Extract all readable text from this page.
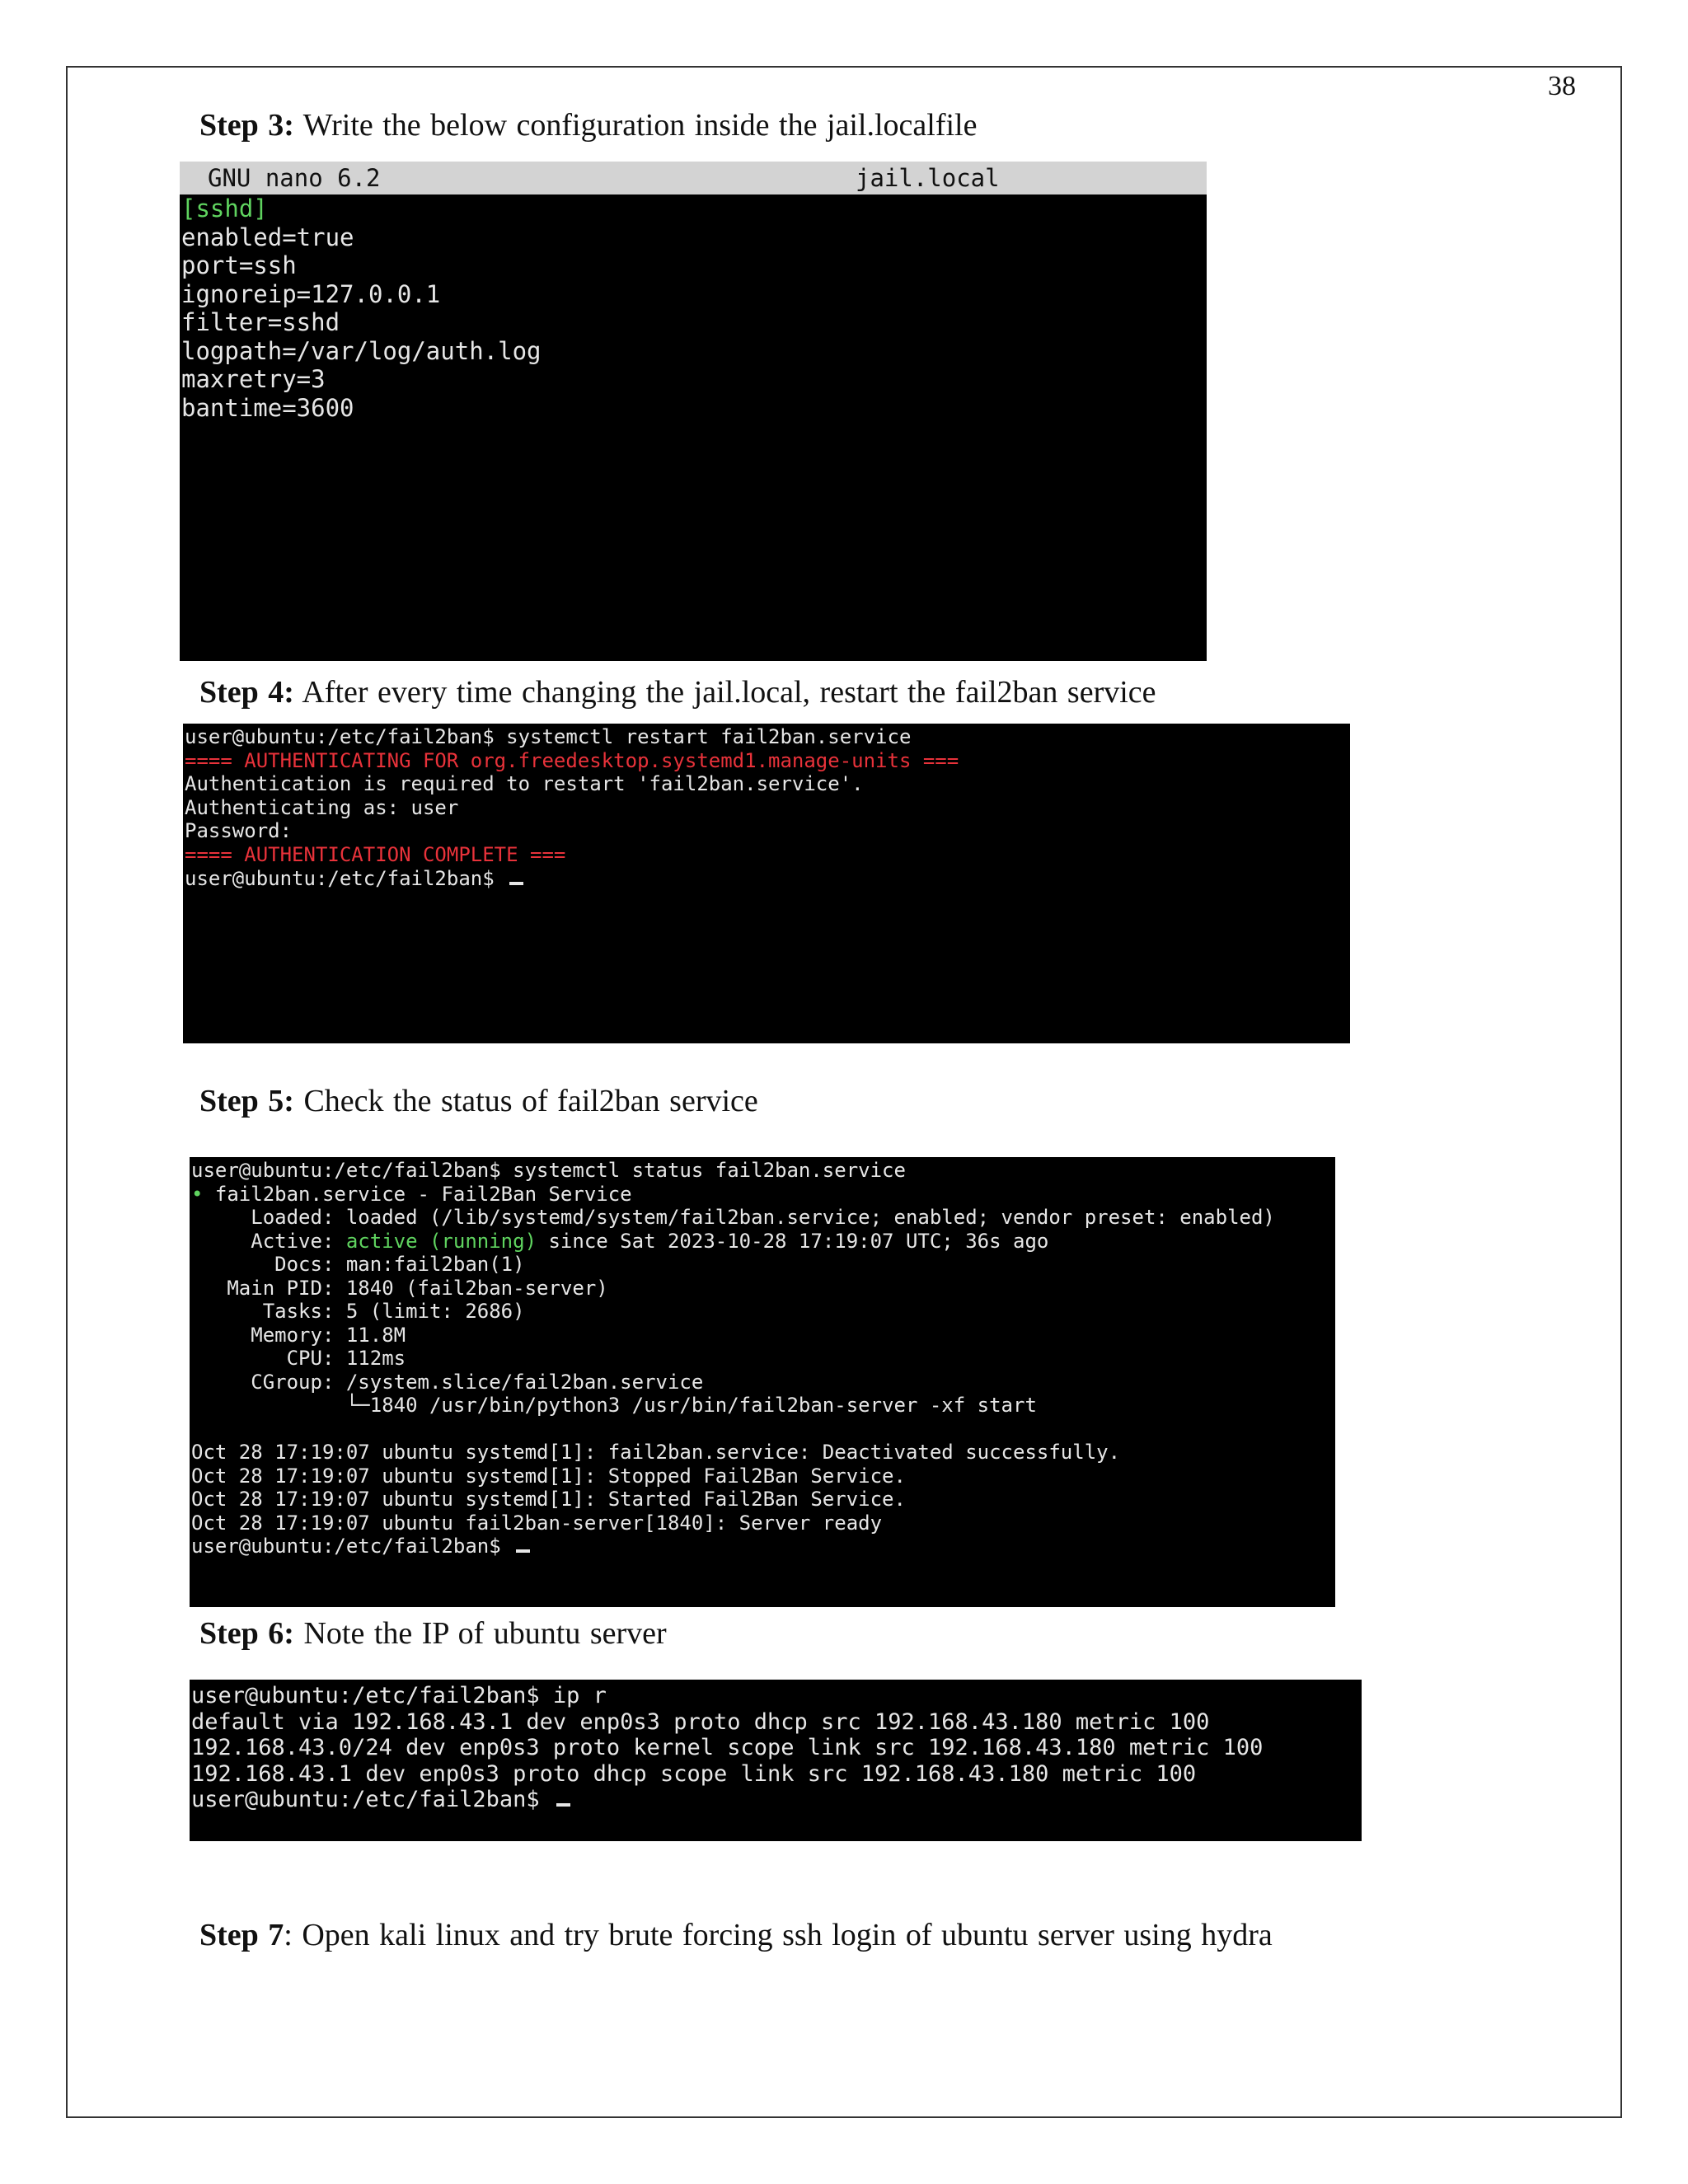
38
Step 3: Write the below configuration inside the jail.localfile
GNU nano 6.2	jail.local
[sshd]
enabled=true
port=ssh
ignoreip=127.0.0.1
filter=sshd
logpath=/var/log/auth.log
maxretry=3
bantime=3600
Step 4: After every time changing the jail.local, restart the fail2ban service
user@ubuntu:/etc/fail2ban$ systemctl restart fail2ban.service
==== AUTHENTICATING FOR org.freedesktop.systemd1.manage-units ===
Authentication is required to restart 'fail2ban.service'.
Authenticating as: user
Password:
==== AUTHENTICATION COMPLETE ===
user@ubuntu:/etc/fail2ban$
Step 5: Check the status of fail2ban service
user@ubuntu:/etc/fail2ban$ systemctl status fail2ban.service
• fail2ban.service - Fail2Ban Service
Loaded: loaded (/lib/systemd/system/fail2ban.service; enabled; vendor preset: enabled)
Active: active (running) since Sat 2023-10-28 17:19:07 UTC; 36s ago
Docs: man:fail2ban(1)
Main PID: 1840 (fail2ban-server)
Tasks: 5 (limit: 2686)
Memory: 11.8M
CPU: 112ms
CGroup: /system.slice/fail2ban.service
└─1840 /usr/bin/python3 /usr/bin/fail2ban-server -xf start
Oct 28 17:19:07 ubuntu systemd[1]: fail2ban.service: Deactivated successfully.
Oct 28 17:19:07 ubuntu systemd[1]: Stopped Fail2Ban Service.
Oct 28 17:19:07 ubuntu systemd[1]: Started Fail2Ban Service.
Oct 28 17:19:07 ubuntu fail2ban-server[1840]: Server ready
user@ubuntu:/etc/fail2ban$
Step 6: Note the IP of ubuntu server
user@ubuntu:/etc/fail2ban$ ip r
default via 192.168.43.1 dev enp0s3 proto dhcp src 192.168.43.180 metric 100
192.168.43.0/24 dev enp0s3 proto kernel scope link src 192.168.43.180 metric 100
192.168.43.1 dev enp0s3 proto dhcp scope link src 192.168.43.180 metric 100
user@ubuntu:/etc/fail2ban$
Step 7: Open kali linux and try brute forcing ssh login of ubuntu server using hydra
